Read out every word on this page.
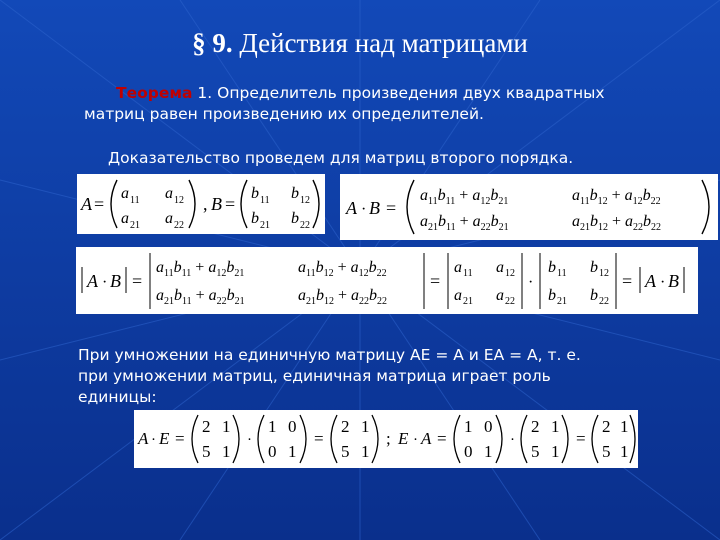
§ 9. Действия над матрицами
Теорема 1. Определитель произведения двух квадратных
матриц равен произведению их определителей.
Доказательство проведем для матриц второго порядка.
A =
a 11 a 12
a 21 a 22
, B =
b 11 b 12
b 21 b 22
A · B =
$a_{11}b_{11} + a_{12}b_{21}$	$a_{11}b_{12} + a_{12}b_{22}$
$a_{21}b_{11} + a_{22}b_{21}$	$a_{21}b_{12} + a_{22}b_{22}$
A · B =
$a_{11}b_{11} + a_{12}b_{21}$	$a_{11}b_{12} + a_{12}b_{22}$
$a_{21}b_{11} + a_{22}b_{21}$	$a_{21}b_{12} + a_{22}b_{22}$
=
a 11 a 12
a 21 a 22
·
b 11 b 12
b 21 b 22
= A · B
При умножении на единичную матрицу AE = A и EA = A, т. е.
при умножении матриц, единичная матрица играет роль
единицы:
A · E =
2 1
5 1
·
1 0
0 1
=
2 1
5 1
; E · A =
1 0
0 1
·
2 1
5 1
=
2 1
5 1
